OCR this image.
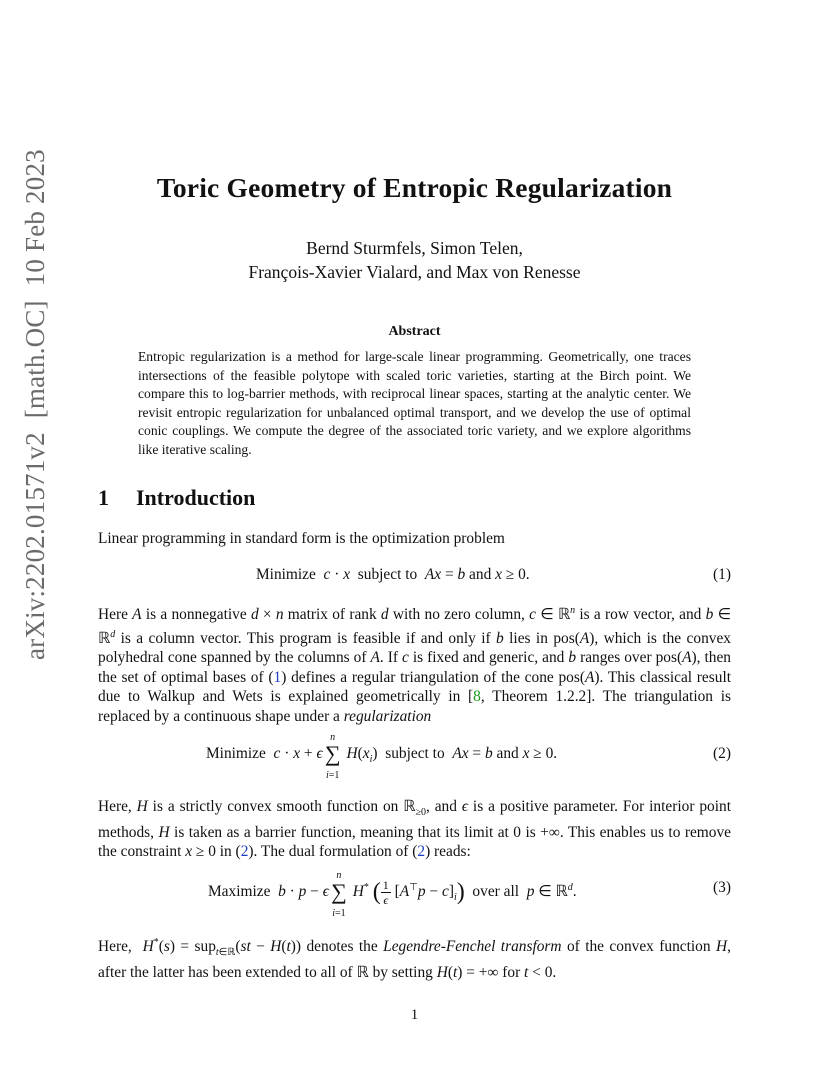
arXiv:2202.01571v2  [math.OC]  10 Feb 2023	Toric Geometry of Entropic Regularization
Bernd Sturmfels, Simon Telen,
François-Xavier Vialard, and Max von Renesse
Abstract
Entropic regularization is a method for large-scale linear programming. Geometrically, one traces intersections of the feasible polytope with scaled toric varieties, starting at the Birch point. We compare this to log-barrier methods, with reciprocal linear spaces, starting at the analytic center. We revisit entropic regularization for unbalanced optimal transport, and we develop the use of optimal conic couplings. We compute the degree of the associated toric variety, and we explore algorithms like iterative scaling.
1 Introduction
Linear programming in standard form is the optimization problem
Minimize  c · x  subject to  Ax = b and x ≥ 0.	(1)
Here A is a nonnegative d × n matrix of rank d with no zero column, c ∈ ℝ$^n$ is a row vector, and b ∈ ℝ$^d$ is a column vector. This program is feasible if and only if b lies in pos(A), which is the convex polyhedral cone spanned by the columns of A. If c is fixed and generic, and b ranges over pos(A), then the set of optimal bases of (1) defines a regular triangulation of the cone pos(A). This classical result due to Walkup and Wets is explained geometrically in [8, Theorem 1.2.2]. The triangulation is replaced by a continuous shape under a regularization
Minimize  c · x + ϵ∑
n
i=1
$H(x_i)$  subject to  Ax = b and x ≥ 0.	(2)
Here, H is a strictly convex smooth function on ℝ$_{\ge 0}$, and ϵ is a positive parameter. For interior point methods, H is taken as a barrier function, meaning that its limit at 0 is +∞. This enables us to remove the constraint x ≥ 0 in (2). The dual formulation of (2) reads:
Maximize  b · p − ϵ∑
n
i=1
H* ( $\frac{1}{\epsilon} [A^⊤p - c]_i$)  over all  p ∈ ℝ$^d$.	(3)
Here,  H*(s) = sup$_{t\in ℝ}$(st − H(t)) denotes the Legendre-Fenchel transform of the convex function H, after the latter has been extended to all of ℝ by setting H(t) = +∞ for t < 0.
1
